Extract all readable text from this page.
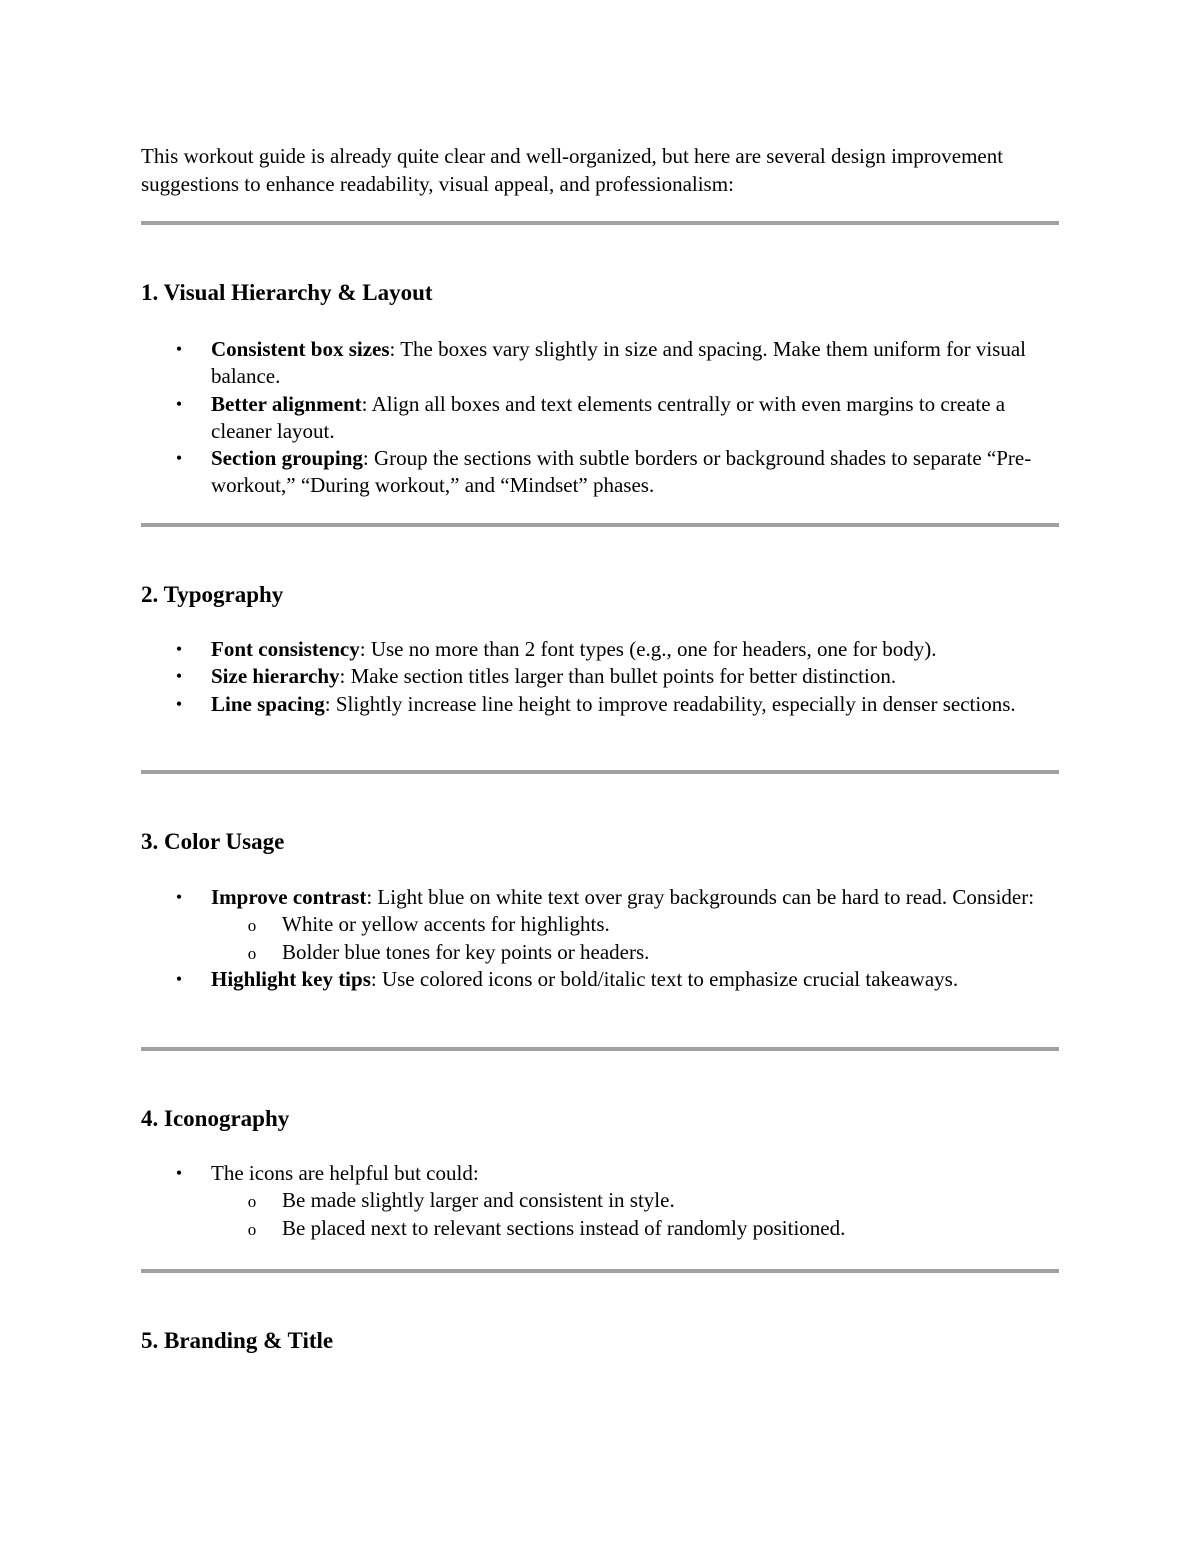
This workout guide is already quite clear and well-organized, but here are several design improvement suggestions to enhance readability, visual appeal, and professionalism:

1. Visual Hierarchy & Layout
• Consistent box sizes: The boxes vary slightly in size and spacing. Make them uniform for visual balance.
• Better alignment: Align all boxes and text elements centrally or with even margins to create a cleaner layout.
• Section grouping: Group the sections with subtle borders or background shades to separate “Pre-workout,” “During workout,” and “Mindset” phases.
2. Typography
• Font consistency: Use no more than 2 font types (e.g., one for headers, one for body).
• Size hierarchy: Make section titles larger than bullet points for better distinction.
• Line spacing: Slightly increase line height to improve readability, especially in denser sections.
3. Color Usage
• Improve contrast: Light blue on white text over gray backgrounds can be hard to read. Consider:
o White or yellow accents for highlights.
o Bolder blue tones for key points or headers.
• Highlight key tips: Use colored icons or bold/italic text to emphasize crucial takeaways.
4. Iconography
• The icons are helpful but could:
o Be made slightly larger and consistent in style.
o Be placed next to relevant sections instead of randomly positioned.
5. Branding & Title
